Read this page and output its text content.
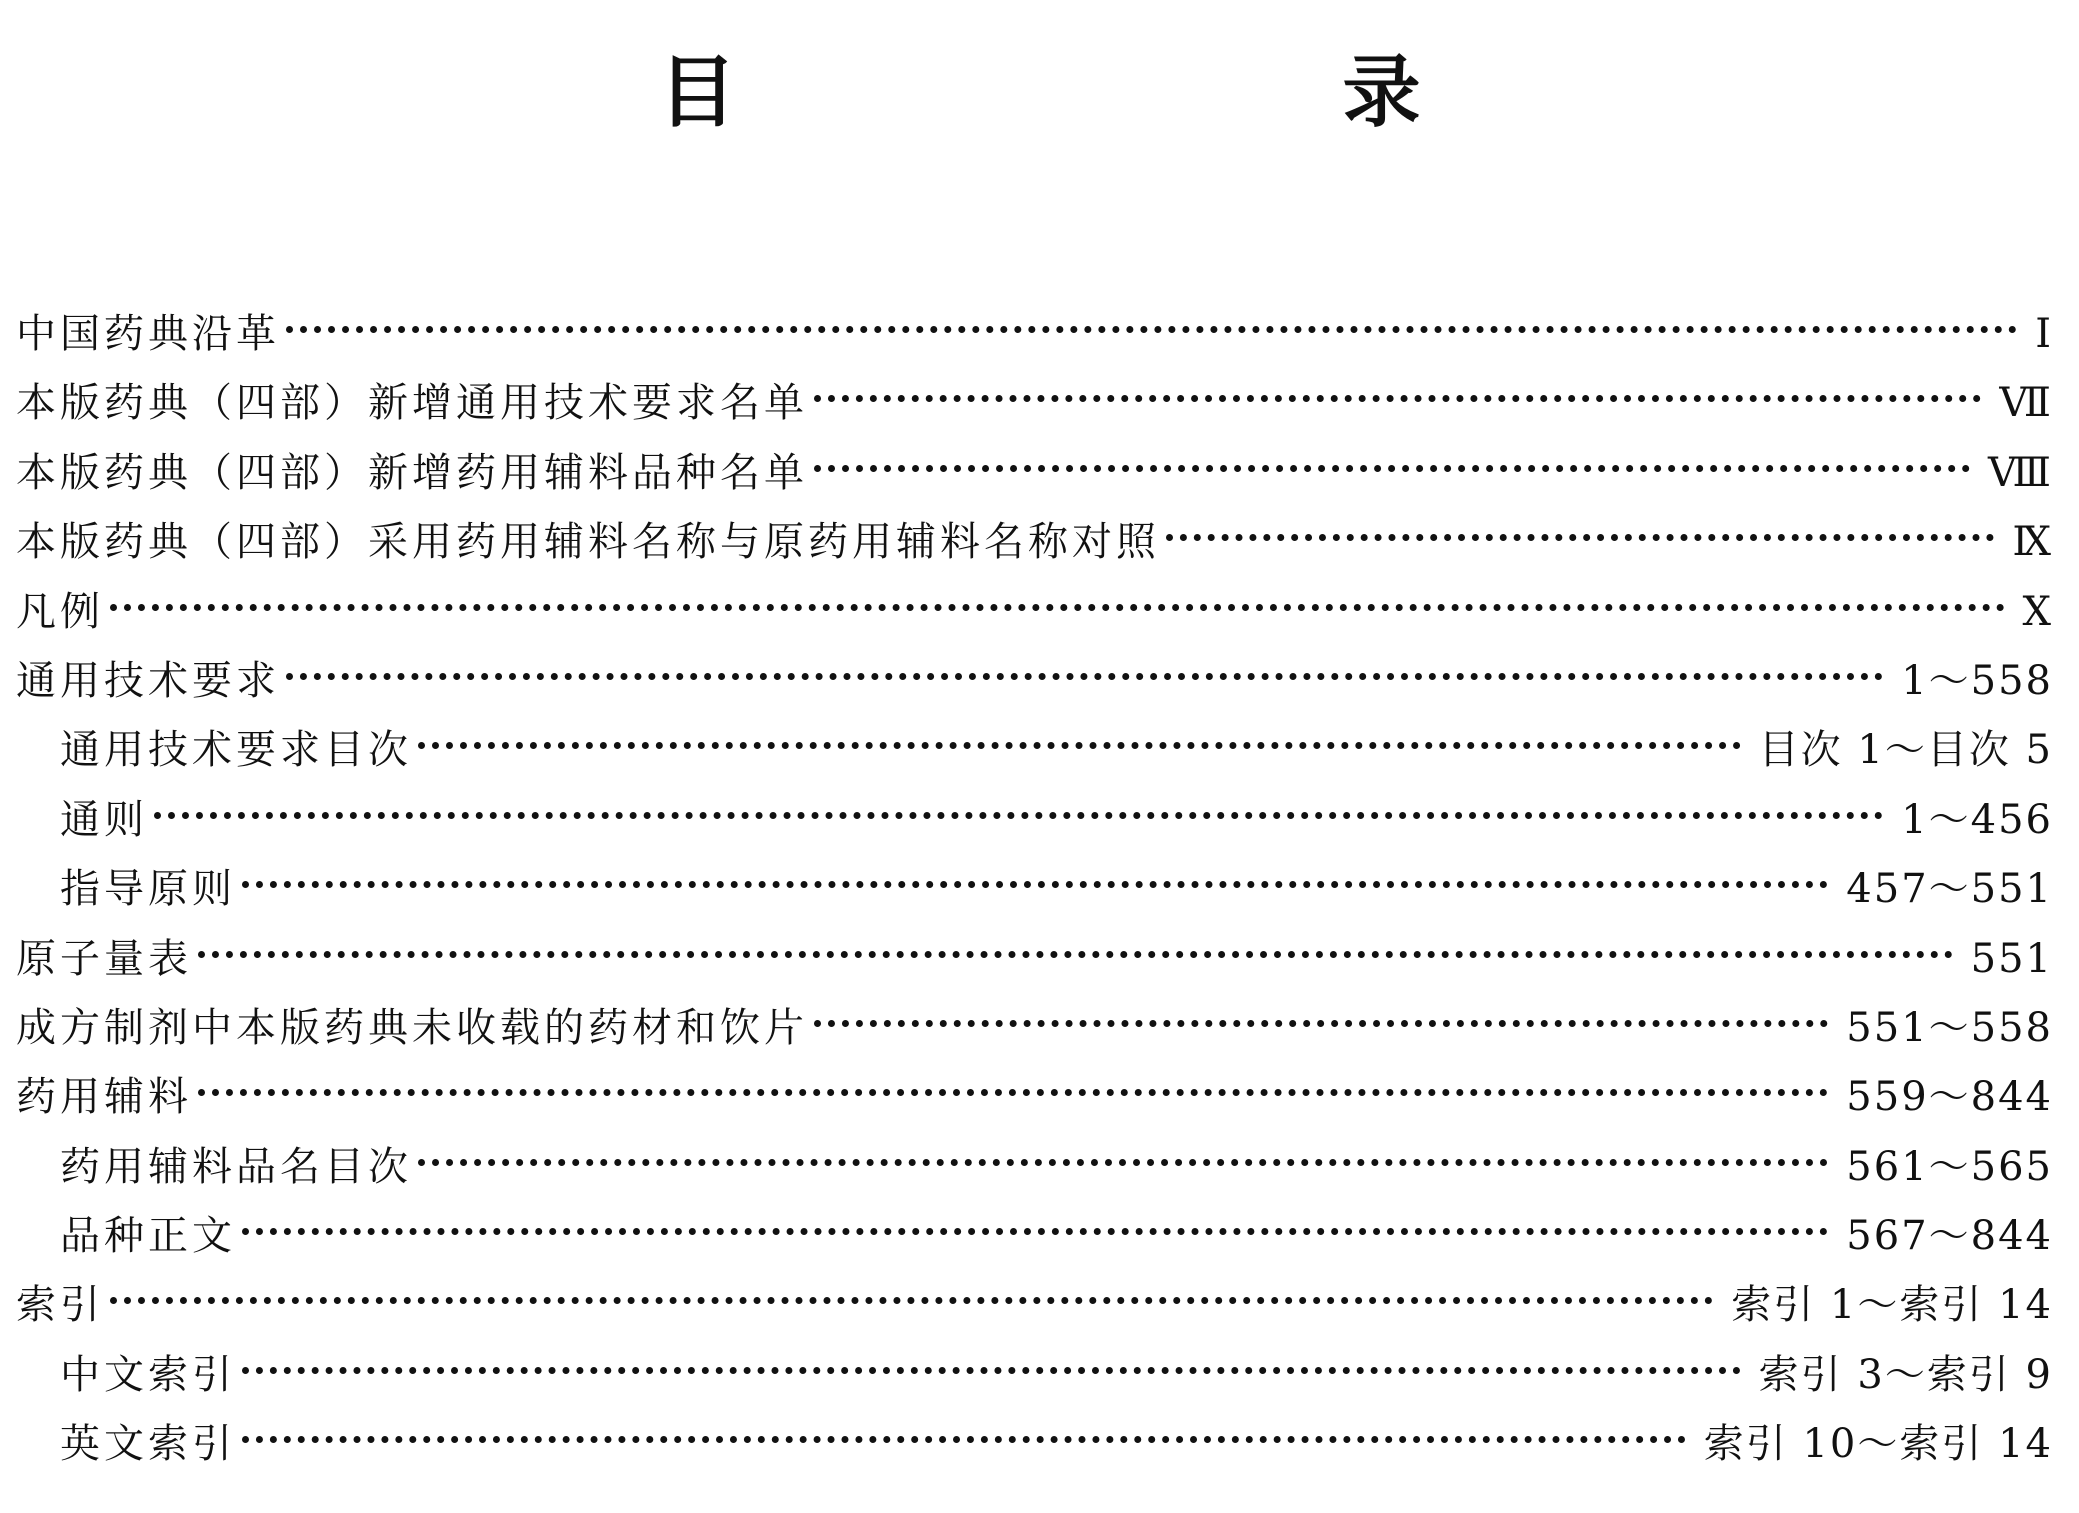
目　　录
中国药典沿革	Ⅰ
本版药典（四部）新增通用技术要求名单	Ⅶ
本版药典（四部）新增药用辅料品种名单	Ⅷ
本版药典（四部）采用药用辅料名称与原药用辅料名称对照	Ⅸ
凡例	Ⅹ
通用技术要求	1～558
通用技术要求目次	目次 1～目次 5
通则	1～456
指导原则	457～551
原子量表	551
成方制剂中本版药典未收载的药材和饮片	551～558
药用辅料	559～844
药用辅料品名目次	561～565
品种正文	567～844
索引	索引 1～索引 14
中文索引	索引 3～索引 9
英文索引	索引 10～索引 14
